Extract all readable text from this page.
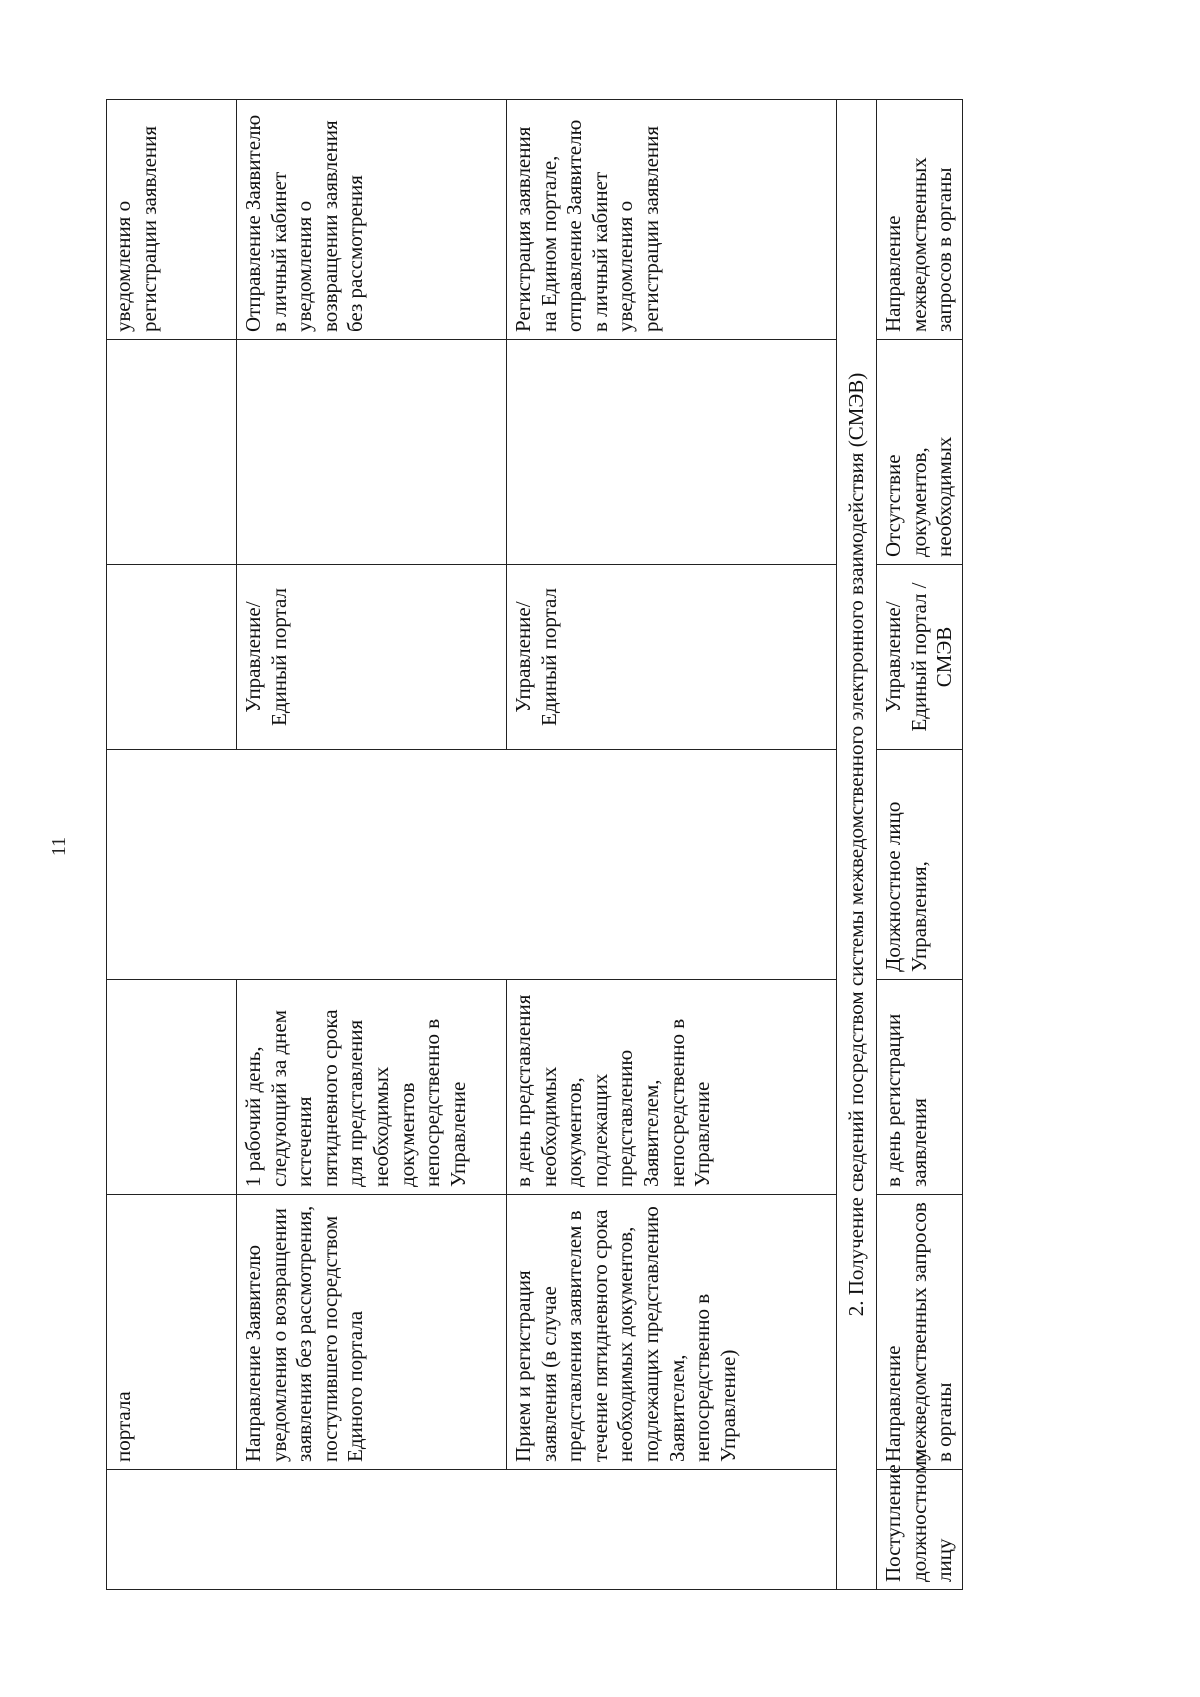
11
	портала					уведомления о регистрации заявления
	Направление Заявителю уведомления о возвращении заявления без рассмотрения, поступившего посредством Единого портала	1 рабочий день, следующий за днем истечения пятидневного срока для представления необходимых документов непосредственно в Управление		Управление/ Единый портал		Отправление Заявителю в личный кабинет уведомления о возвращении заявления без рассмотрения
	Прием и регистрация заявления (в случае представления заявителем в течение пятидневного срока необходимых документов, подлежащих представлению Заявителем, непосредственно в Управление)	в день представления необходимых документов, подлежащих представлению Заявителем, непосредственно в Управление		Управление/ Единый портал		Регистрация заявления на Едином портале, отправление Заявителю в личный кабинет уведомления о регистрации заявления
2. Получение сведений посредством системы межведомственного электронного взаимодействия (СМЭВ)						
Поступление должностному лицу	Направление межведомственных запросов в органы	в день регистрации заявления	Должностное лицо Управления,	Управление/ Единый портал /СМЭВ	Отсутствие документов, необходимых	Направление межведомственных запросов в органы
